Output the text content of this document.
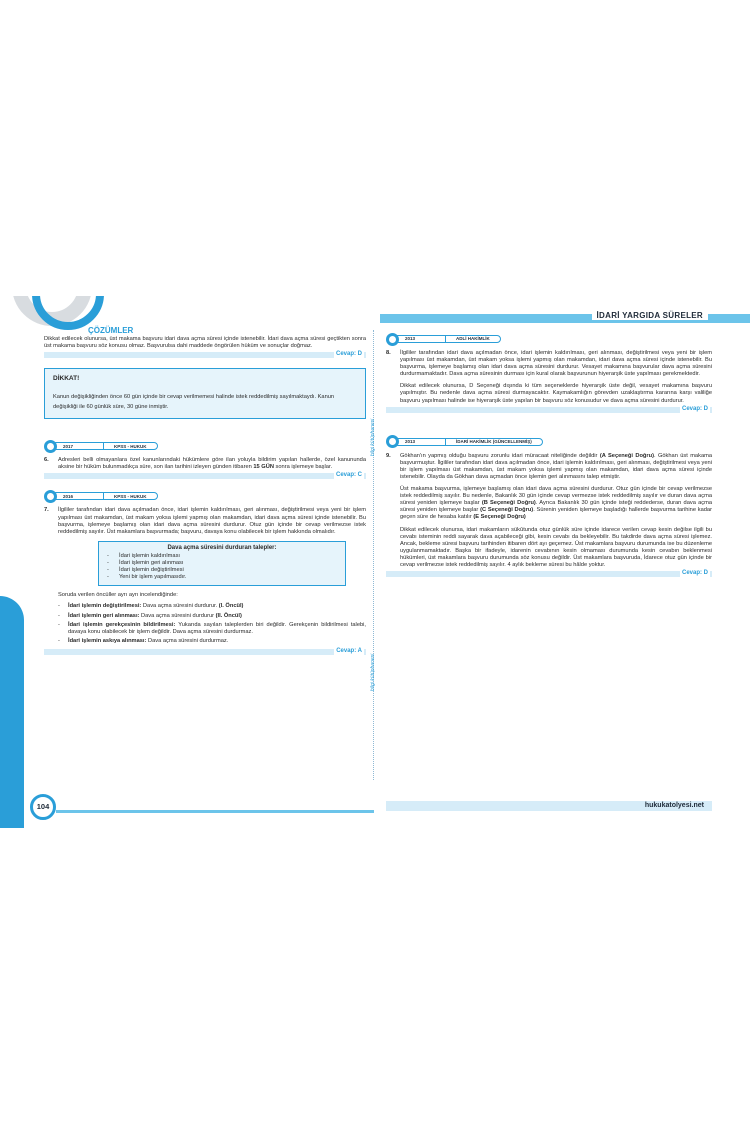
İDARİ YARGIDA SÜRELER
ÇÖZÜMLER
bilgi kütüphanesi
bilgi kütüphanesi

Dikkat edilecek olunursa, üst makama başvuru idari dava açma süresi içinde istenebilir. İdari dava açma süresi geçtikten sonra üst makama başvuru söz konusu olmaz. Başvurulsa dahi maddede öngörülen hüküm ve sonuçlar doğmaz.

Cevap: D
DİKKAT!

Kanun değişikliğinden önce 60 gün içinde bir cevap verilmemesi halinde istek reddedilmiş sayılmaktaydı. Kanun değişikliği ile 60 günlük süre, 30 güne inmiştir.

2017	KPSS - HUKUK
6.	Adresleri belli olmayanlara özel kanunlarındaki hükümlere göre ilan yoluyla bildirim yapılan hallerde, özel kanununda aksine bir hüküm bulunmadıkça süre, son ilan tarihini izleyen günden itibaren 15 GÜN sonra işlemeye başlar.

Cevap: C
2016	KPSS - HUKUK
7.	İlgililer tarafından idari dava açılmadan önce, idari işlemin kaldırılması, geri alınması, değiştirilmesi veya yeni bir işlem yapılması üst makamdan, üst makam yoksa işlemi yapmış olan makamdan, idari dava açma süresi içinde istenebilir. Bu başvurma, işlemeye başlamış olan idari dava açma süresini durdurur. Otuz gün içinde bir cevap verilmezse istek reddedilmiş sayılır. Üst makamlara başvurmada; başvuru, davaya konu olabilecek bir işlem hakkında olmalıdır.

Dava açma süresini durduran talepler:
- İdari işlemin kaldırılması
- İdari işlemin geri alınması
- İdari işlemin değiştirilmesi
- Yeni bir işlem yapılmasıdır.

Soruda verilen öncüller ayrı ayrı incelendiğinde:

- İdari işlemin değiştirilmesi: Dava açma süresini durdurur. (I. Öncül)
- İdari işlemin geri alınması: Dava açma süresini durdurur (II. Öncül)
- İdari işlemin gerekçesinin bildirilmesi: Yukarıda sayılan taleplerden biri değildir. Gerekçenin bildirilmesi talebi, davaya konu olabilecek bir işlem değildir. Dava açma süresini durdurmaz.
- İdari işlemin askıya alınması: Dava açma süresini durdurmaz.
Cevap: A
2013	ADLİ HAKİMLİK
8.	İlgililer tarafından idari dava açılmadan önce, idari işlemin kaldırılması, geri alınması, değiştirilmesi veya yeni bir işlem yapılması üst makamdan, üst makam yoksa işlemi yapmış olan makamdan, idari dava açma süresi içinde istenebilir. Bu başvurma, işlemeye başlamış olan idari dava açma süresini durdurur. Vesayet makamına başvurular dava açma süresini durdurmamaktadır. Dava açma süresinin durması için kural olarak başvurunun hiyerarşik üste yapılması gerekmektedir.

Dikkat edilecek olunursa, D Seçeneği dışında ki tüm seçeneklerde hiyerarşik üste değil, vesayet makamına başvuru yapılmıştır. Bu nedenle dava açma süresi durmayacaktır. Kaymakamlığın görevden uzaklaştırma kararına karşı valiliğe başvuru yapılması halinde ise hiyerarşik üste yapılan bir başvuru söz konusudur ve dava açma süresini durdurur.

Cevap: D
2013	İDARİ HAKİMLİK (GÜNCELLENMİŞ)
9.	Gökhan'ın yapmış olduğu başvuru zorunlu idari müracaat niteliğinde değildir (A Seçeneği Doğru). Gökhan üst makama başvurmuştur. İlgililer tarafından idari dava açılmadan önce, idari işlemin kaldırılması, geri alınması, değiştirilmesi veya yeni bir işlem yapılması üst makamdan, üst makam yoksa işlemi yapmış olan makamdan, idari dava açma süresi içinde istenebilir. Olayda da Gökhan dava açmadan önce işlemin geri alınmasını talep etmiştir.

Üst makama başvurma, işlemeye başlamış olan idari dava açma süresini durdurur. Otuz gün içinde bir cevap verilmezse istek reddedilmiş sayılır. Bu nedenle, Bakanlık 30 gün içinde cevap vermezse istek reddedilmiş sayılır ve duran dava açma süresi yeniden işlemeye başlar (B Seçeneği Doğru). Ayrıca Bakanlık 30 gün içinde isteği reddederse, duran dava açma süresi yeniden işlemeye başlar (C Seçeneği Doğru). Sürenin yeniden işlemeye başladığı hallerde başvurma tarihine kadar geçen süre de hesaba katılır (E Seçeneği Doğru)

Dikkat edilecek olunursa, idari makamların sükûtunda otuz günlük süre içinde idarece verilen cevap kesin değilse ilgili bu cevabı isteminin reddi sayarak dava açabileceği gibi, kesin cevabı da bekleyebilir. Bu takdirde dava açma süresi işlemez. Ancak, bekleme süresi başvuru tarihinden itibaren dört ayı geçemez. Üst makamlara başvuru durumunda ise bu düzenleme uygulanmamaktadır. Başka bir ifadeyle, idarenin cevabının kesin olmaması durumunda kesin cevabın beklenmesi hükümleri, üst makamlara başvuru durumunda söz konusu değildir. Üst makamlara başvuruda, İdarece otuz gün içinde bir cevap verilmezse istek reddedilmiş sayılır. 4 aylık bekleme süresi bu hâlde yoktur.

Cevap: D
104	hukukatolyesi.net
